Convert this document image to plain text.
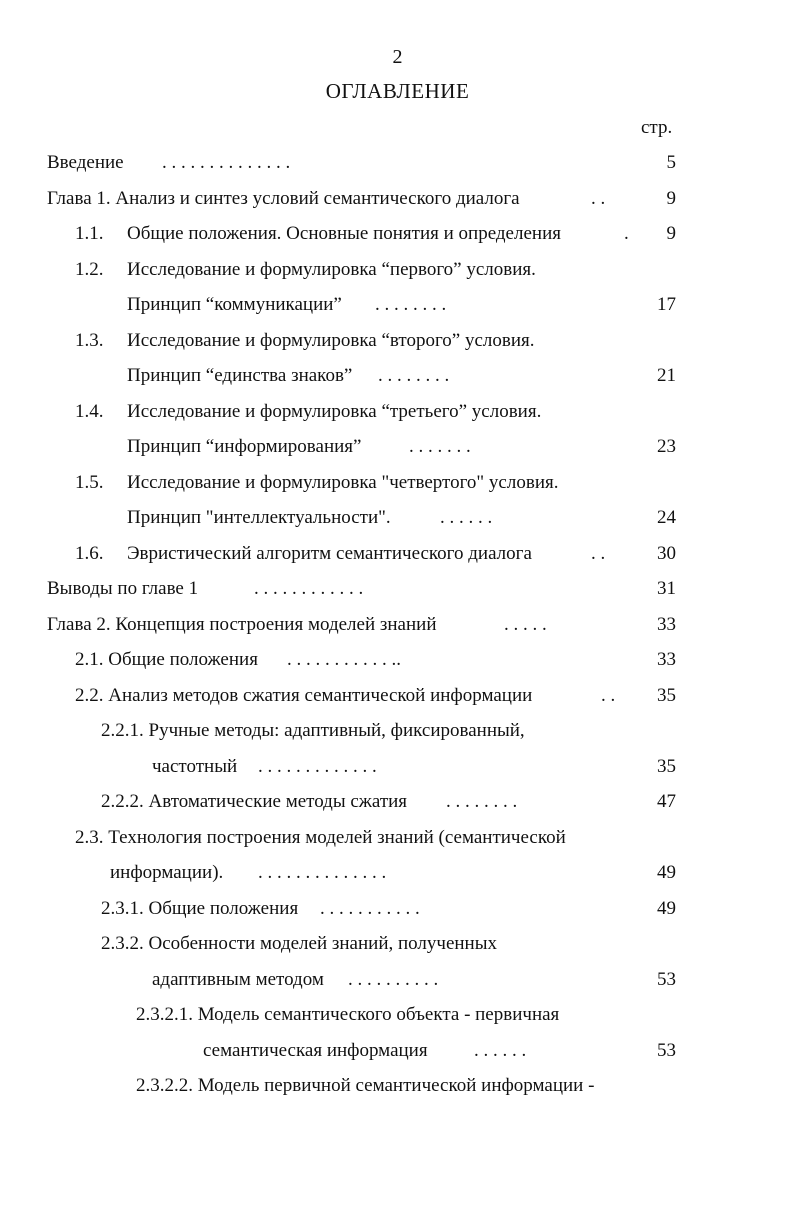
2
ОГЛАВЛЕНИЕ
стр.
Введение . . . . . . . . . . . . . .	5
Глава 1. Анализ и синтез условий семантического диалога	. .	9
1.1. Общие положения. Основные понятия и определения	.	9
1.2. Исследование и формулировка “первого” условия.
Принцип “коммуникации” . . . . . . . .	17
1.3. Исследование и формулировка “второго” условия.
Принцип “единства знаков” . . . . . . . .	21
1.4. Исследование и формулировка “третьего” условия.
Принцип “информирования”	. . . . . . .	23
1.5. Исследование и формулировка "четвертого" условия.
Принцип "интеллектуальности".	. . . . . .	24
1.6. Эвристический алгоритм семантического диалога	. .	30
Выводы по главе 1	. . . . . . . . . . . .	31
Глава 2. Концепция построения моделей знаний	. . . . .	33
2.1. Общие положения . . . . . . . . . . . ..	33
2.2. Анализ методов сжатия семантической информации	. .	35
2.2.1. Ручные методы: адаптивный, фиксированный,
частотный . . . . . . . . . . . . .	35
2.2.2. Автоматические методы сжатия . . . . . . . .	47
2.3. Технология построения моделей знаний (семантической
информации). . . . . . . . . . . . . . .	49
2.3.1. Общие положения . . . . . . . . . . .	49
2.3.2. Особенности моделей знаний, полученных
адаптивным методом . . . . . . . . . .	53
2.3.2.1. Модель семантического объекта - первичная
семантическая информация . . . . . .	53
2.3.2.2. Модель первичной семантической информации -
